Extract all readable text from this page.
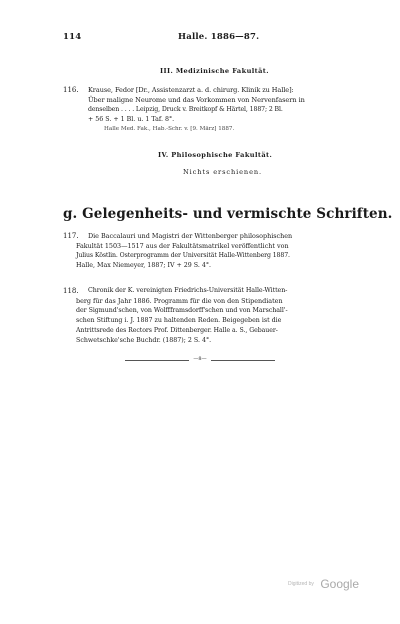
114	Halle. 1886—87.
III. Medizinische Fakultät.
116. Krause, Fedor [Dr., Assistenzarzt a. d. chirurg. Klinik zu Halle]:
Über maligne Neurome und das Vorkommen von Nervenfasern in
denselben . . . . Leipzig, Druck v. Breitkopf & Härtel, 1887; 2 Bl.
+ 56 S. + 1 Bl. u. 1 Taf. 8°.
Halle Med. Fak., Hab.-Schr. v. [9. März] 1887.
IV. Philosophische Fakultät.
Nichts erschienen.
g. Gelegenheits- und vermischte Schriften.
117. Die Baccalauri und Magistri der Wittenberger philosophischen
Fakultät 1503—1517 aus der Fakultätsmatrikel veröffentlicht von
Julius Köstlin. Osterprogramm der Universität Halle-Wittenberg 1887.
Halle, Max Niemeyer, 1887; IV + 29 S. 4°.
118. Chronik der K. vereinigten Friedrichs-Universität Halle-Witten-
berg für das Jahr 1886. Programm für die von den Stipendiaten
der Sigmund'schen, von Wolffframsdorff'schen und von Marschall'-
schen Stiftung i. J. 1887 zu haltenden Reden. Beigegeben ist die
Antrittsrede des Rectors Prof. Dittenberger. Halle a. S., Gebauer-
Schwetschke'sche Buchdr. (1887); 2 S. 4°.
—8—
Digitized by Google
